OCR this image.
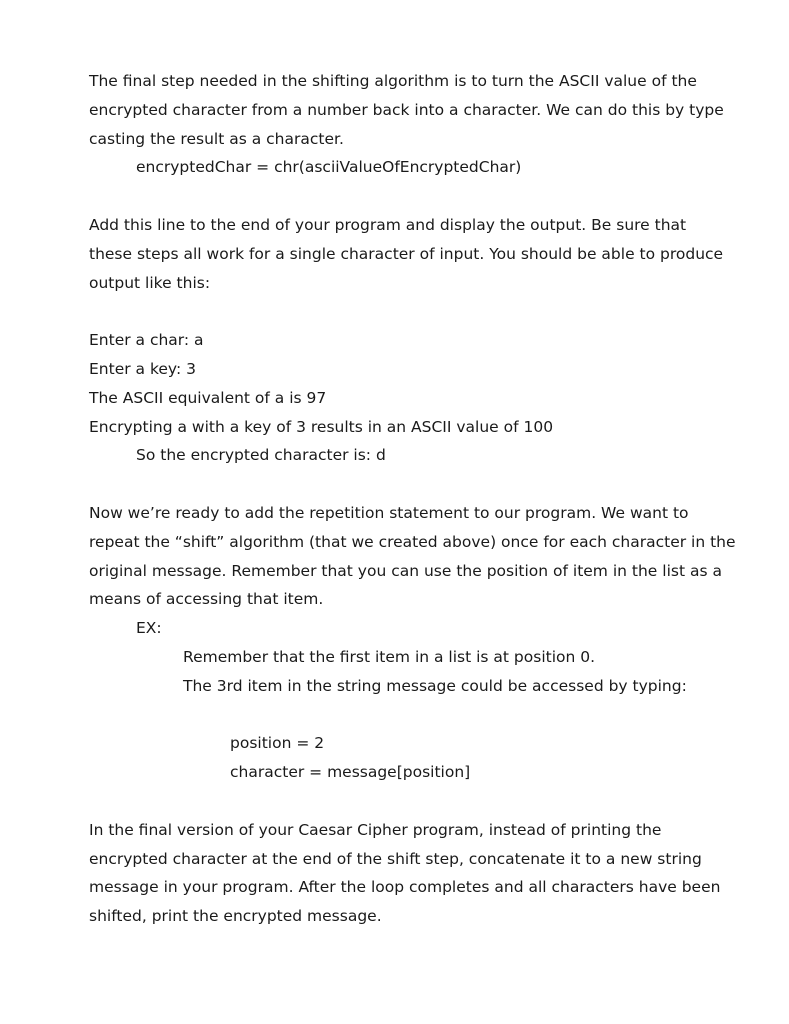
The final step needed in the shifting algorithm is to turn the ASCII value of the
encrypted character from a number back into a character. We can do this by type
casting the result as a character.
encryptedChar = chr(asciiValueOfEncryptedChar)
Add this line to the end of your program and display the output. Be sure that
these steps all work for a single character of input. You should be able to produce
output like this:
Enter a char: a
Enter a key: 3
The ASCII equivalent of a is 97
Encrypting a with a key of 3 results in an ASCII value of 100
So the encrypted character is: d
Now we’re ready to add the repetition statement to our program. We want to
repeat the “shift” algorithm (that we created above) once for each character in the
original message. Remember that you can use the position of item in the list as a
means of accessing that item.
EX:
Remember that the first item in a list is at position 0.
The 3rd item in the string message could be accessed by typing:
position = 2
character = message[position]
In the final version of your Caesar Cipher program, instead of printing the
encrypted character at the end of the shift step, concatenate it to a new string
message in your program. After the loop completes and all characters have been
shifted, print the encrypted message.
